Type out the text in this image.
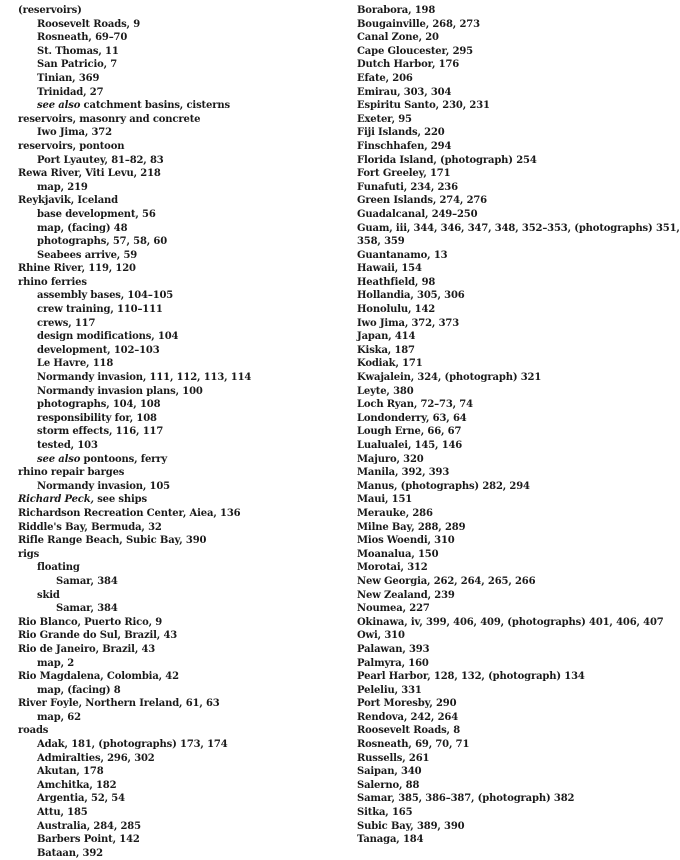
(reservoirs)
Roosevelt Roads, 9
Rosneath, 69–70
St. Thomas, 11
San Patricio, 7
Tinian, 369
Trinidad, 27
see also catchment basins, cisterns
reservoirs, masonry and concrete
Iwo Jima, 372
reservoirs, pontoon
Port Lyautey, 81–82, 83
Rewa River, Viti Levu, 218
map, 219
Reykjavik, Iceland
base development, 56
map, (facing) 48
photographs, 57, 58, 60
Seabees arrive, 59
Rhine River, 119, 120
rhino ferries
assembly bases, 104–105
crew training, 110–111
crews, 117
design modifications, 104
development, 102–103
Le Havre, 118
Normandy invasion, 111, 112, 113, 114
Normandy invasion plans, 100
photographs, 104, 108
responsibility for, 108
storm effects, 116, 117
tested, 103
see also pontoons, ferry
rhino repair barges
Normandy invasion, 105
Richard Peck, see ships
Richardson Recreation Center, Aiea, 136
Riddle's Bay, Bermuda, 32
Rifle Range Beach, Subic Bay, 390
rigs
floating
Samar, 384
skid
Samar, 384
Rio Blanco, Puerto Rico, 9
Rio Grande do Sul, Brazil, 43
Rio de Janeiro, Brazil, 43
map, 2
Rio Magdalena, Colombia, 42
map, (facing) 8
River Foyle, Northern Ireland, 61, 63
map, 62
roads
Adak, 181, (photographs) 173, 174
Admiralties, 296, 302
Akutan, 178
Amchitka, 182
Argentia, 52, 54
Attu, 185
Australia, 284, 285
Barbers Point, 142
Bataan, 392
Borabora, 198
Bougainville, 268, 273
Canal Zone, 20
Cape Gloucester, 295
Dutch Harbor, 176
Efate, 206
Emirau, 303, 304
Espiritu Santo, 230, 231
Exeter, 95
Fiji Islands, 220
Finschhafen, 294
Florida Island, (photograph) 254
Fort Greeley, 171
Funafuti, 234, 236
Green Islands, 274, 276
Guadalcanal, 249–250
Guam, iii, 344, 346, 347, 348, 352–353, (photographs) 351,
358, 359
Guantanamo, 13
Hawaii, 154
Heathfield, 98
Hollandia, 305, 306
Honolulu, 142
Iwo Jima, 372, 373
Japan, 414
Kiska, 187
Kodiak, 171
Kwajalein, 324, (photograph) 321
Leyte, 380
Loch Ryan, 72–73, 74
Londonderry, 63, 64
Lough Erne, 66, 67
Lualualei, 145, 146
Majuro, 320
Manila, 392, 393
Manus, (photographs) 282, 294
Maui, 151
Merauke, 286
Milne Bay, 288, 289
Mios Woendi, 310
Moanalua, 150
Morotai, 312
New Georgia, 262, 264, 265, 266
New Zealand, 239
Noumea, 227
Okinawa, iv, 399, 406, 409, (photographs) 401, 406, 407
Owi, 310
Palawan, 393
Palmyra, 160
Pearl Harbor, 128, 132, (photograph) 134
Peleliu, 331
Port Moresby, 290
Rendova, 242, 264
Roosevelt Roads, 8
Rosneath, 69, 70, 71
Russells, 261
Saipan, 340
Salerno, 88
Samar, 385, 386–387, (photograph) 382
Sitka, 165
Subic Bay, 389, 390
Tanaga, 184
